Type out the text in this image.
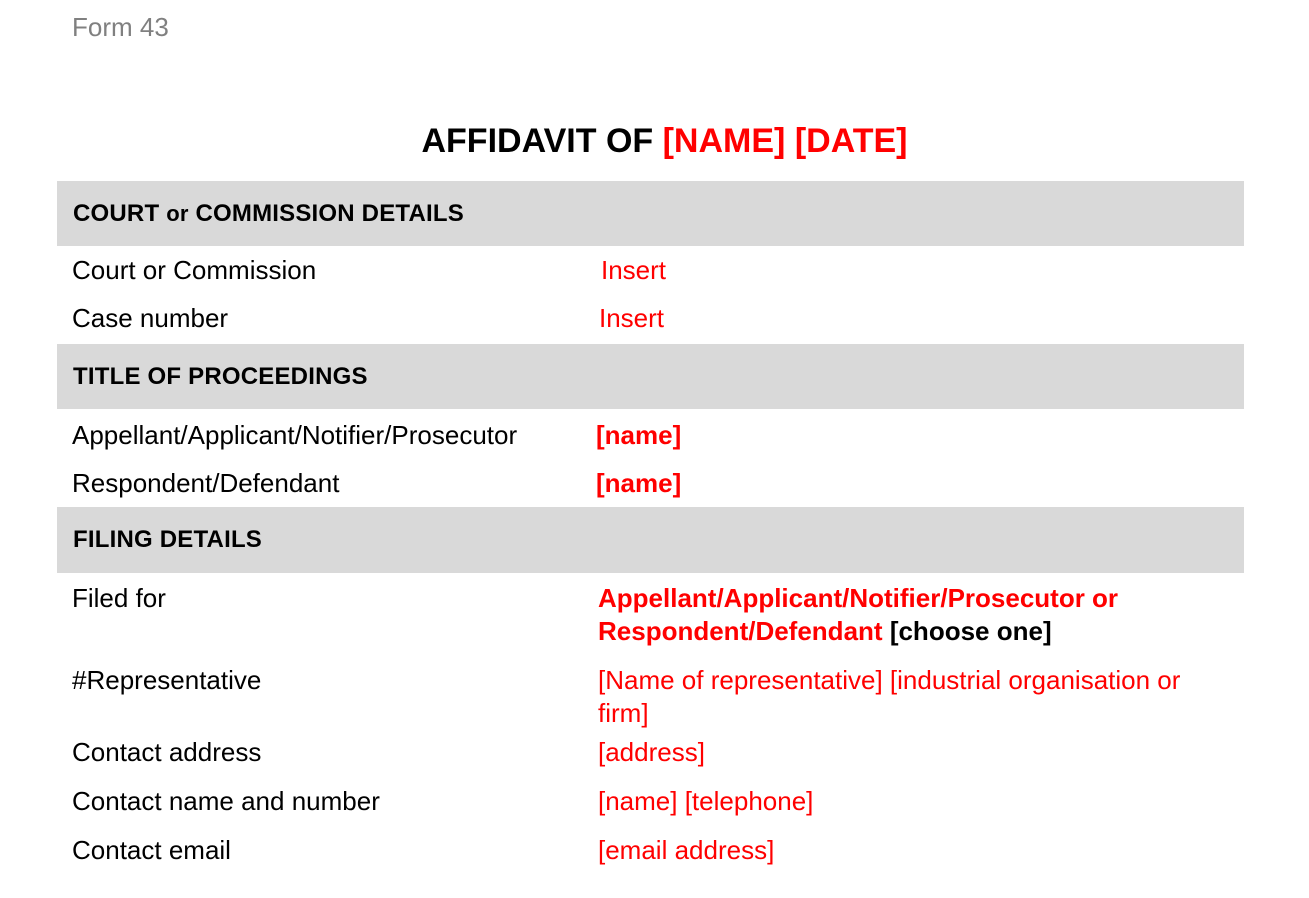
Form 43
AFFIDAVIT OF [NAME] [DATE]
COURT or COMMISSION DETAILS
Court or Commission	Insert
Case number	Insert
TITLE OF PROCEEDINGS
Appellant/Applicant/Notifier/Prosecutor	[name]
Respondent/Defendant	[name]
FILING DETAILS
Filed for	Appellant/Applicant/Notifier/Prosecutor or Respondent/Defendant [choose one]
#Representative	[Name of representative] [industrial organisation or firm]
Contact address	[address]
Contact name and number	[name] [telephone]
Contact email	[email address]
